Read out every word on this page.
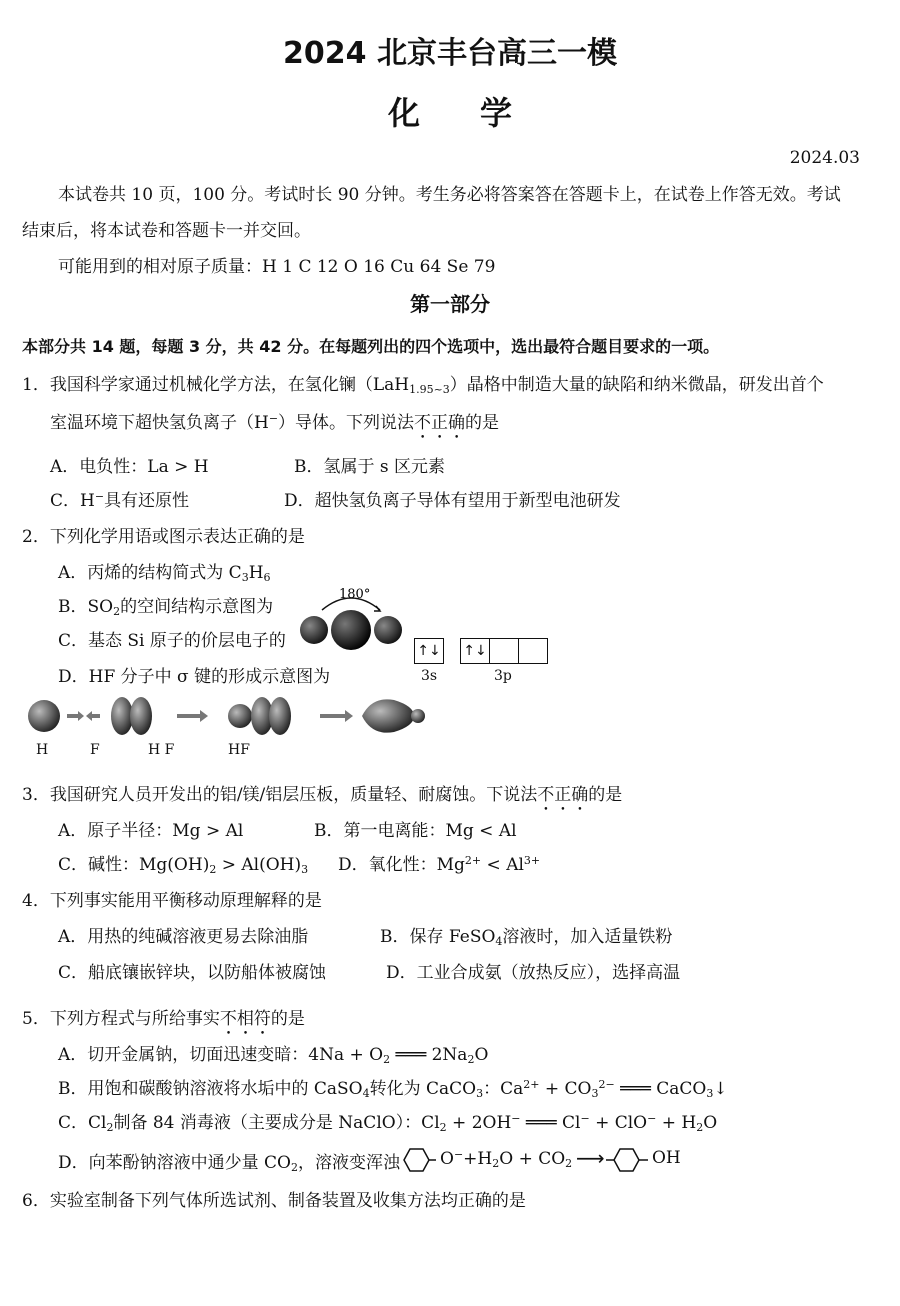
2024 北京丰台高三一模
化学
2024.03
本试卷共 10 页，100 分。考试时长 90 分钟。考生务必将答案答在答题卡上，在试卷上作答无效。考试
结束后，将本试卷和答题卡一并交回。
可能用到的相对原子质量：H 1 C 12 O 16 Cu 64 Se 79
第一部分
本部分共 14 题，每题 3 分，共 42 分。在每题列出的四个选项中，选出最符合题目要求的一项。
1．我国科学家通过机械化学方法，在氢化镧（LaH$_{1.95\sim 3}$）晶格中制造大量的缺陷和纳米微晶，研发出首个
室温环境下超快氢负离子（H−）导体。下列说法不正确的是
A．电负性：La > H	B．氢属于 s 区元素
C．H−具有还原性	D．超快氢负离子导体有望用于新型电池研发
2．下列化学用语或图示表达正确的是
A．丙烯的结构简式为 $C_3H_6$
B．$SO_2$的空间结构示意图为
C．基态 Si 原子的价层电子的
D．HF 分子中 σ 键的形成示意图为
180°
↑↓
3s
↑↓
3p
H	F	H F	HF
3．我国研究人员开发出的铝/镁/铝层压板，质量轻、耐腐蚀。下说法不正确的是
A．原子半径：Mg > Al	B．第一电离能：Mg < Al
C．碱性：$Mg(OH)_2 > Al(OH)_3$ D．氧化性：$Mg^{2+} < Al^{3+}$
4．下列事实能用平衡移动原理解释的是
A．用热的纯碱溶液更易去除油脂	B．保存 FeSO$_4$溶液时，加入适量铁粉
C．船底镶嵌锌块，以防船体被腐蚀	D．工业合成氨（放热反应），选择高温
5．下列方程式与所给事实不相符的是
A．切开金属钠，切面迅速变暗：$4Na + O_2$ ═══ $2Na_2O$
B．用饱和碳酸钠溶液将水垢中的 CaSO$_4$转化为 CaCO$_3$：$Ca^{2+} + CO_3^{2-}$ ═══ CaCO$_3$↓
C．$Cl_2$制备 84 消毒液（主要成分是 NaClO）：$Cl_2 + 2OH^-$ ═══ $Cl^- + ClO^- + H_2O$
D．向苯酚钠溶液中通少量 $CO_2$，溶液变浑浊 $O^-+H_2O + CO_2$ ⟶	OH
6．实验室制备下列气体所选试剂、制备装置及收集方法均正确的是
